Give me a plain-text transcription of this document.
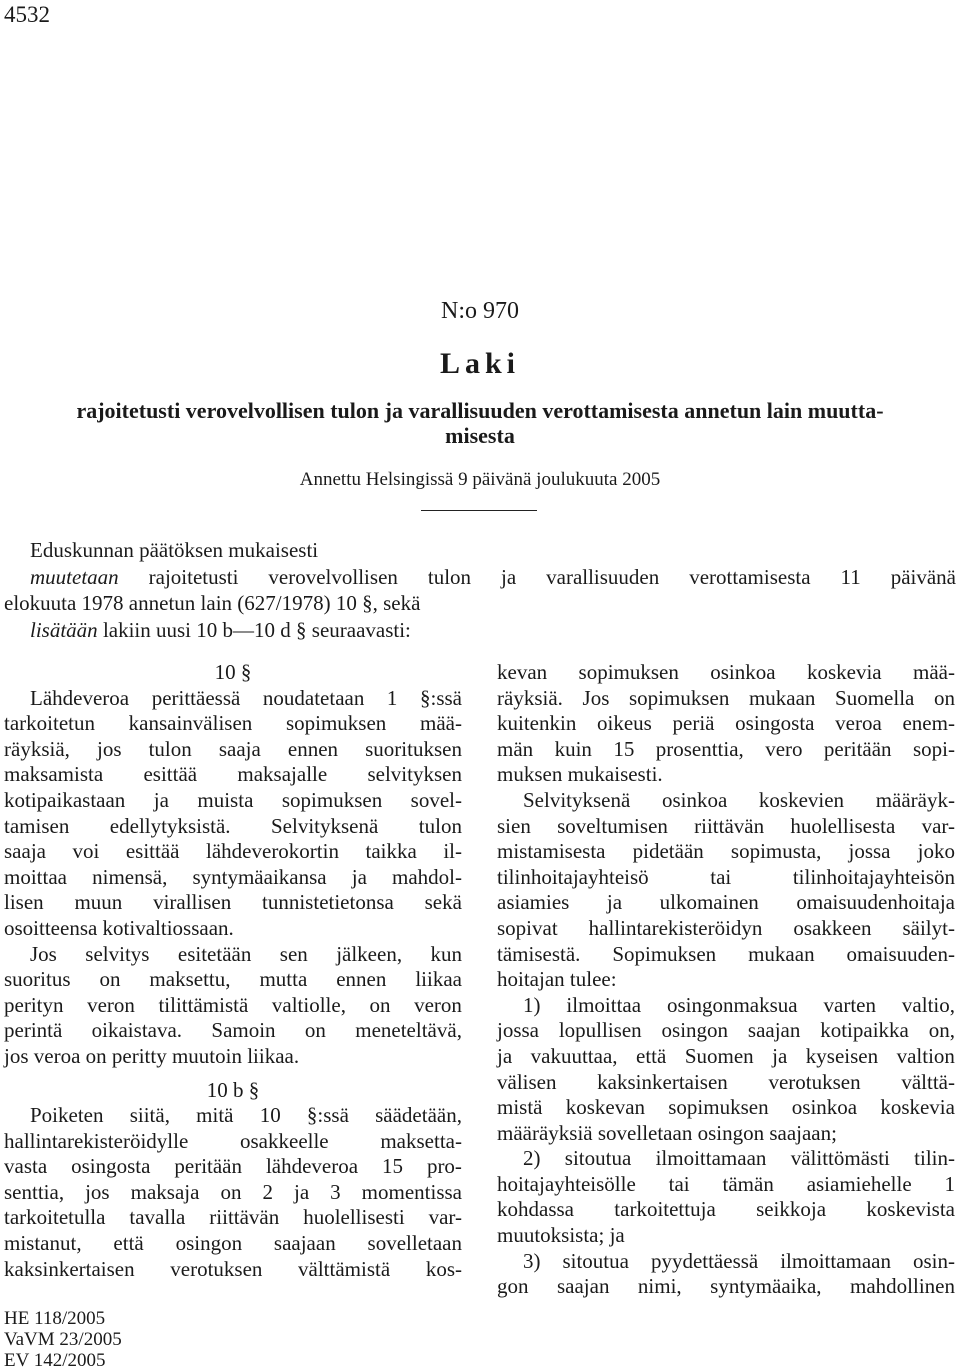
4532
N:o 970
Laki
rajoitetusti verovelvollisen tulon ja varallisuuden verottamisesta annetun lain muutta-
misesta
Annettu Helsingissä 9 päivänä joulukuuta 2005
Eduskunnan päätöksen mukaisesti
muutetaan rajoitetusti verovelvollisen tulon ja varallisuuden verottamisesta 11 päivänä
elokuuta 1978 annetun lain (627/1978) 10 §, sekä
lisätään lakiin uusi 10 b—10 d § seuraavasti:
10 §
Lähdeveroa perittäessä noudatetaan 1 §:ssä
tarkoitetun kansainvälisen sopimuksen mää-
räyksiä, jos tulon saaja ennen suorituksen
maksamista esittää maksajalle selvityksen
kotipaikastaan ja muista sopimuksen sovel-
tamisen edellytyksistä. Selvityksenä tulon
saaja voi esittää lähdeverokortin taikka il-
moittaa nimensä, syntymäaikansa ja mahdol-
lisen muun virallisen tunnistetietonsa sekä
osoitteensa kotivaltiossaan.
Jos selvitys esitetään sen jälkeen, kun
suoritus on maksettu, mutta ennen liikaa
perityn veron tilittämistä valtiolle, on veron
perintä oikaistava. Samoin on meneteltävä,
jos veroa on peritty muutoin liikaa.
10 b §
Poiketen siitä, mitä 10 §:ssä säädetään,
hallintarekisteröidylle osakkeelle maksetta-
vasta osingosta peritään lähdeveroa 15 pro-
senttia, jos maksaja on 2 ja 3 momentissa
tarkoitetulla tavalla riittävän huolellisesti var-
mistanut, että osingon saajaan sovelletaan
kaksinkertaisen verotuksen välttämistä kos-
kevan sopimuksen osinkoa koskevia mää-
räyksiä. Jos sopimuksen mukaan Suomella on
kuitenkin oikeus periä osingosta veroa enem-
män kuin 15 prosenttia, vero peritään sopi-
muksen mukaisesti.
Selvityksenä osinkoa koskevien määräyk-
sien soveltumisen riittävän huolellisesta var-
mistamisesta pidetään sopimusta, jossa joko
tilinhoitajayhteisö	tai	tilinhoitajayhteisön
asiamies ja ulkomainen omaisuudenhoitaja
sopivat hallintarekisteröidyn osakkeen säilyt-
tämisestä. Sopimuksen mukaan omaisuuden-
hoitajan tulee:
1) ilmoittaa osingonmaksua varten valtio,
jossa lopullisen osingon saajan kotipaikka on,
ja vakuuttaa, että Suomen ja kyseisen valtion
välisen kaksinkertaisen verotuksen välttä-
mistä koskevan sopimuksen osinkoa koskevia
määräyksiä sovelletaan osingon saajaan;
2) sitoutua ilmoittamaan välittömästi tilin-
hoitajayhteisölle tai tämän asiamiehelle 1
kohdassa tarkoitettuja seikkoja koskevista
muutoksista; ja
3) sitoutua pyydettäessä ilmoittamaan osin-
gon saajan nimi, syntymäaika, mahdollinen
HE 118/2005
VaVM 23/2005
EV 142/2005
